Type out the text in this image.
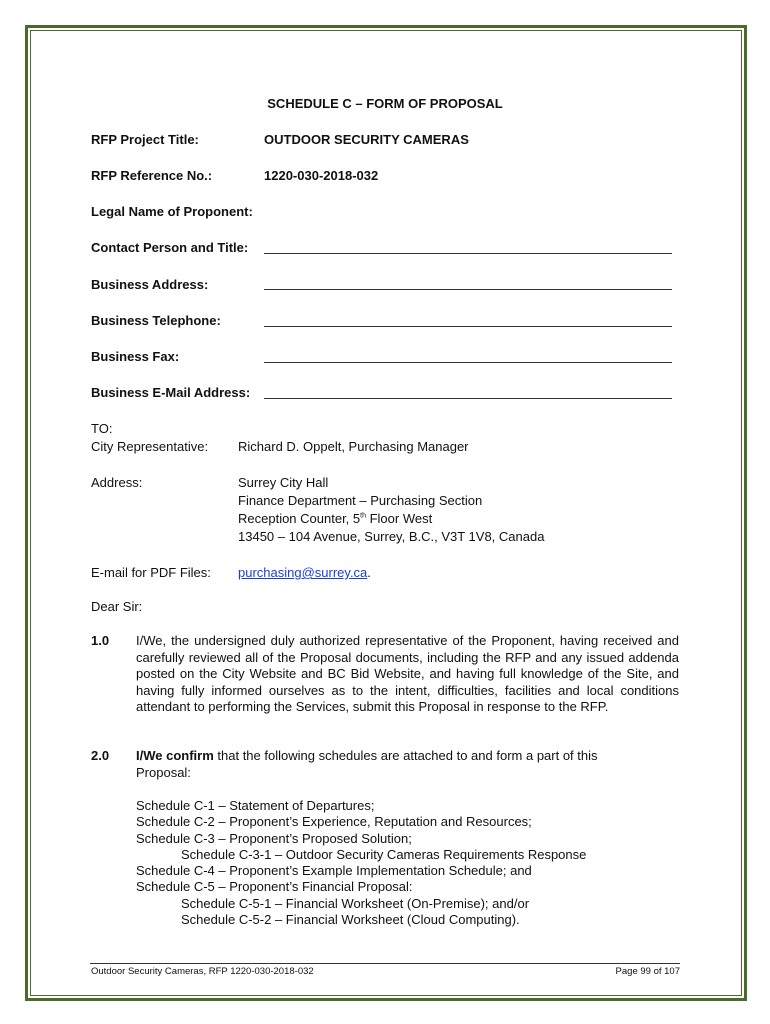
SCHEDULE C – FORM OF PROPOSAL
RFP Project Title:	OUTDOOR SECURITY CAMERAS
RFP Reference No.:	1220-030-2018-032
Legal Name of Proponent:
Contact Person and Title:
Business Address:
Business Telephone:
Business Fax:
Business E-Mail Address:
TO:
City Representative: Richard D. Oppelt, Purchasing Manager
Address:	Surrey City Hall
Finance Department – Purchasing Section
Reception Counter, 5th Floor West
13450 – 104 Avenue, Surrey, B.C., V3T 1V8, Canada
E-mail for PDF Files: purchasing@surrey.ca.
Dear Sir:
1.0 I/We, the undersigned duly authorized representative of the Proponent, having received and carefully reviewed all of the Proposal documents, including the RFP and any issued addenda posted on the City Website and BC Bid Website, and having full knowledge of the Site, and having fully informed ourselves as to the intent, difficulties, facilities and local conditions attendant to performing the Services, submit this Proposal in response to the RFP.
2.0 I/We confirm that the following schedules are attached to and form a part of this
Proposal:
Schedule C-1 – Statement of Departures;
Schedule C-2 – Proponent’s Experience, Reputation and Resources;
Schedule C-3 – Proponent’s Proposed Solution;
Schedule C-3-1 – Outdoor Security Cameras Requirements Response
Schedule C-4 – Proponent’s Example Implementation Schedule; and
Schedule C-5 – Proponent’s Financial Proposal:
Schedule C-5-1 – Financial Worksheet (On-Premise); and/or
Schedule C-5-2 – Financial Worksheet (Cloud Computing).
Outdoor Security Cameras, RFP 1220-030-2018-032	Page 99 of 107
